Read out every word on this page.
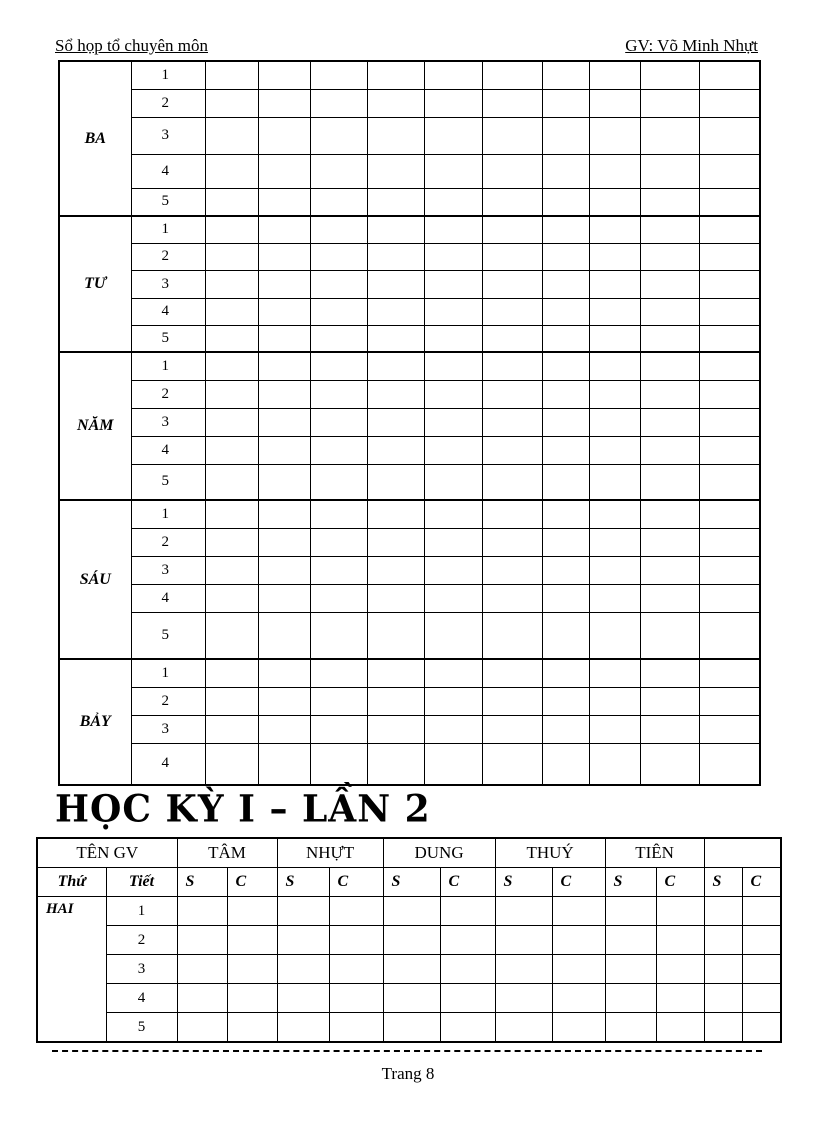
Sổ họp tổ chuyên môn	GV: Võ Minh Nhựt
BA	1										
	2										
	3										
	4										
	5										
TƯ	1										
	2										
	3										
	4										
	5										
NĂM	1										
	2										
	3										
	4										
	5										
SÁU	1										
	2										
	3										
	4										
	5										
BẢY	1										
	2										
	3										
	4										
HỌC KỲ I – LẦN 2
TÊN GV		TÂM		NHỰT		DUNG		THUÝ		TIÊN			
Thứ	Tiết	S	C	S	C	S	C	S	C	S	C	S	C
HAI	1												
	2												
	3												
	4												
	5												
Trang 8
